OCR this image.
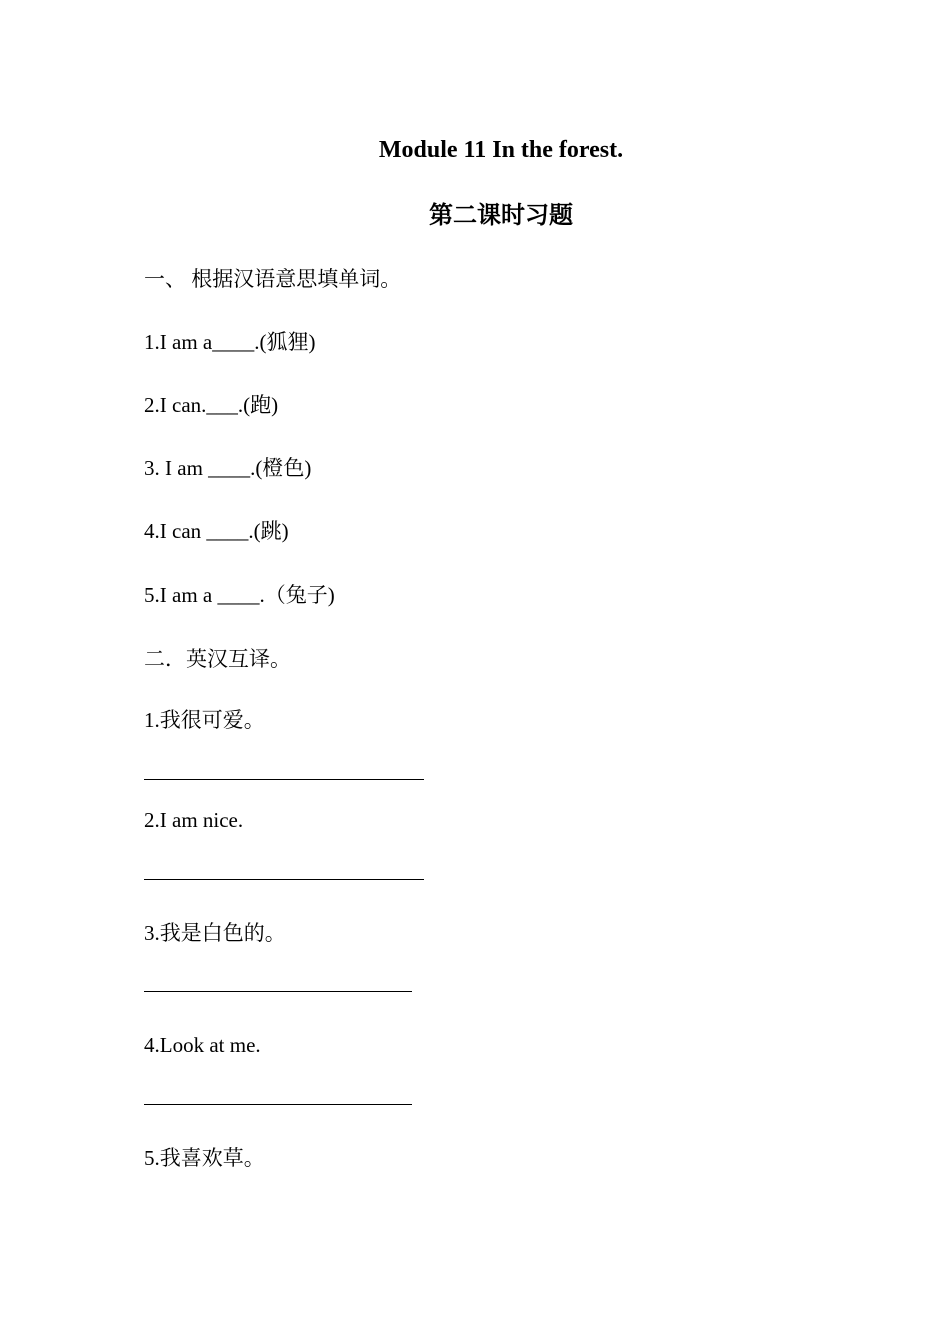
Module 11 In the forest.
第二课时习题
一、 根据汉语意思填单词。
1.I am a____.(狐狸)
2.I can.___.(跑)
3. I am ____.(橙色)
4.I can ____.(跳)
5.I am a ____.（兔子)
二．英汉互译。
1.我很可爱。
2.I am nice.
3.我是白色的。
4.Look at me.
5.我喜欢草。
